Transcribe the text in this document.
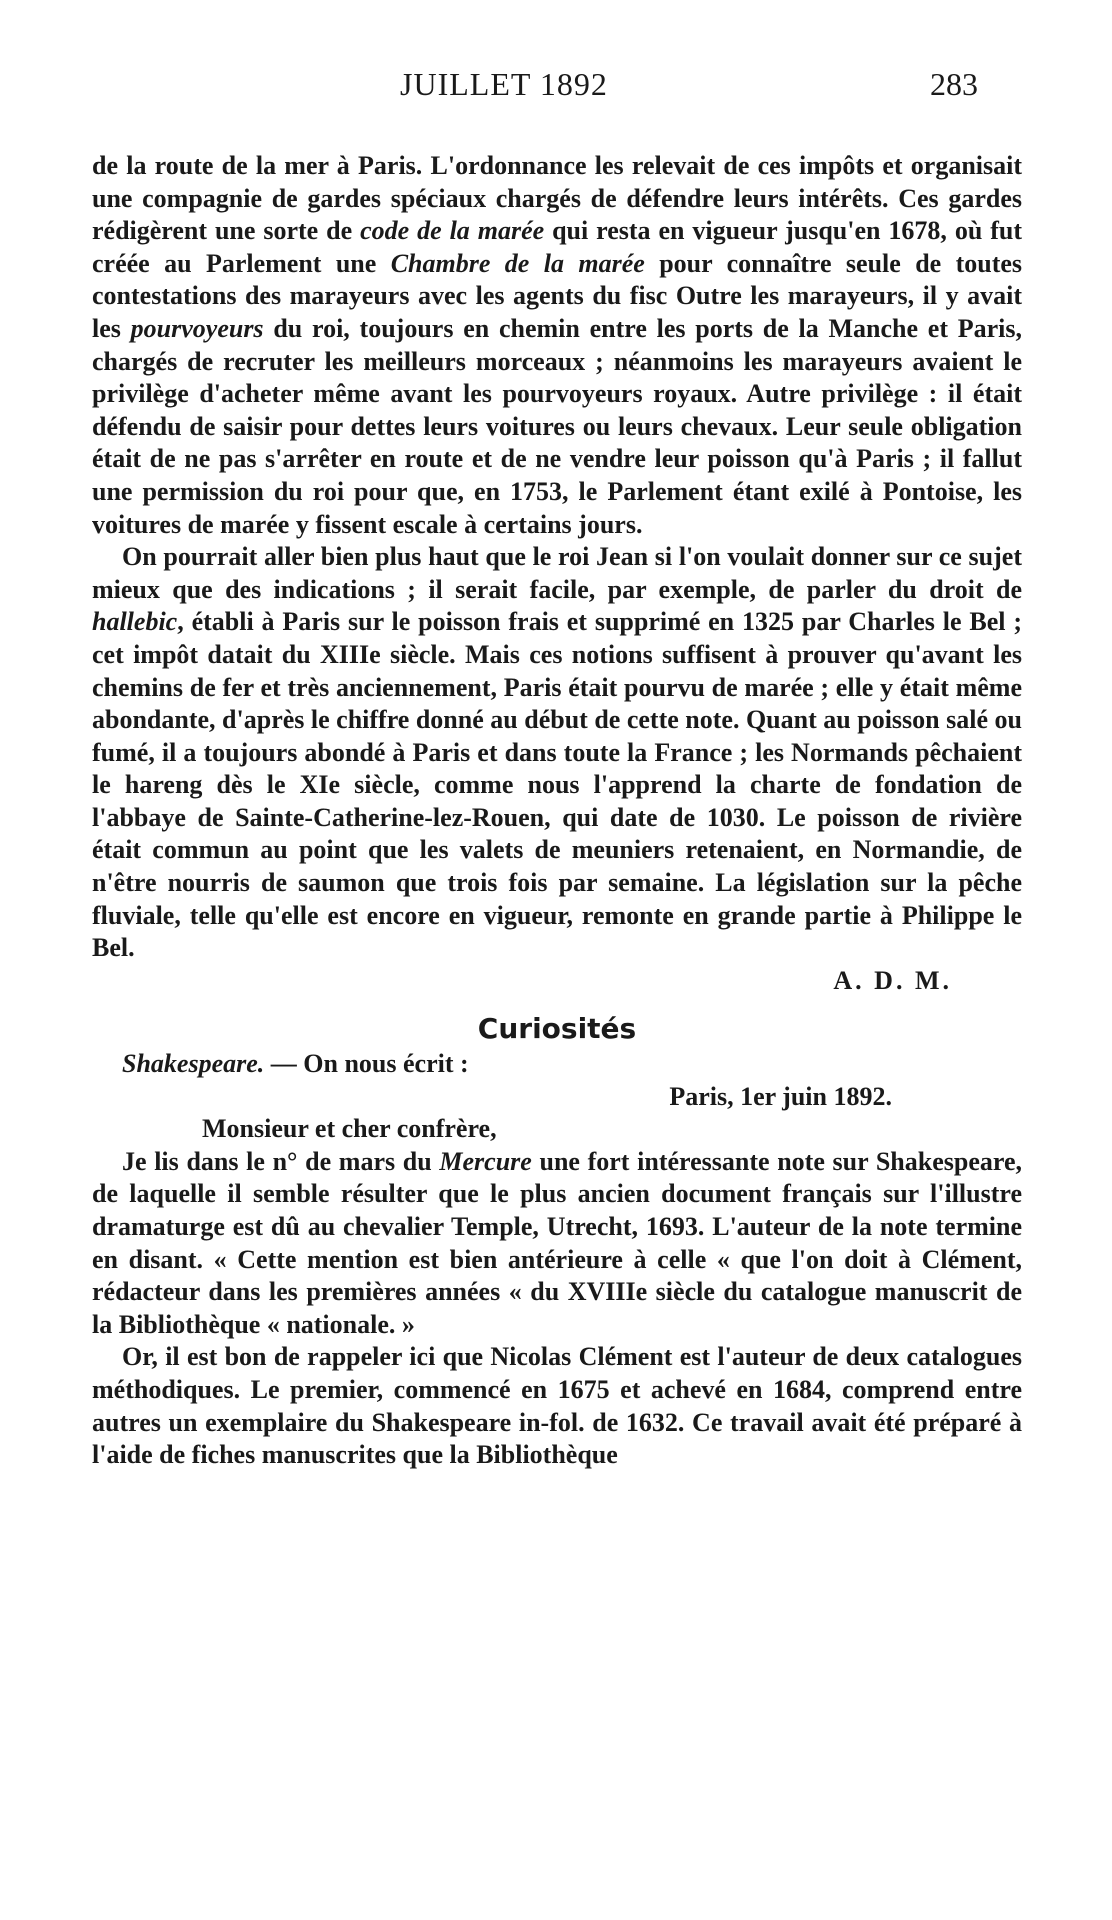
JUILLET 1892	283

de la route de la mer à Paris. L'ordonnance les relevait de ces impôts et organisait une compagnie de gardes spéciaux chargés de défendre leurs intérêts. Ces gardes rédigèrent une sorte de code de la marée qui resta en vigueur jusqu'en 1678, où fut créée au Parlement une Chambre de la marée pour connaître seule de toutes contestations des marayeurs avec les agents du fisc Outre les marayeurs, il y avait les pourvoyeurs du roi, toujours en chemin entre les ports de la Manche et Paris, chargés de recruter les meilleurs morceaux ; néanmoins les marayeurs avaient le privilège d'acheter même avant les pourvoyeurs royaux. Autre privilège : il était défendu de saisir pour dettes leurs voitures ou leurs chevaux. Leur seule obligation était de ne pas s'arrêter en route et de ne vendre leur poisson qu'à Paris ; il fallut une permission du roi pour que, en 1753, le Parlement étant exilé à Pontoise, les voitures de marée y fissent escale à certains jours.

On pourrait aller bien plus haut que le roi Jean si l'on voulait donner sur ce sujet mieux que des indications ; il serait facile, par exemple, de parler du droit de hallebic, établi à Paris sur le poisson frais et supprimé en 1325 par Charles le Bel ; cet impôt datait du XIIIe siècle. Mais ces notions suffisent à prouver qu'avant les chemins de fer et très anciennement, Paris était pourvu de marée ; elle y était même abondante, d'après le chiffre donné au début de cette note. Quant au poisson salé ou fumé, il a toujours abondé à Paris et dans toute la France ; les Normands pêchaient le hareng dès le XIe siècle, comme nous l'apprend la charte de fondation de l'abbaye de Sainte-Catherine-lez-Rouen, qui date de 1030. Le poisson de rivière était commun au point que les valets de meuniers retenaient, en Normandie, de n'être nourris de saumon que trois fois par semaine. La législation sur la pêche fluviale, telle qu'elle est encore en vigueur, remonte en grande partie à Philippe le Bel.

A. D. M.

Curiosités

Shakespeare. — On nous écrit :

Paris, 1er juin 1892.

Monsieur et cher confrère,

Je lis dans le n° de mars du Mercure une fort intéressante note sur Shakespeare, de laquelle il semble résulter que le plus ancien document français sur l'illustre dramaturge est dû au chevalier Temple, Utrecht, 1693. L'auteur de la note termine en disant. « Cette mention est bien antérieure à celle « que l'on doit à Clément, rédacteur dans les premières années « du XVIIIe siècle du catalogue manuscrit de la Bibliothèque « nationale. »

Or, il est bon de rappeler ici que Nicolas Clément est l'auteur de deux catalogues méthodiques. Le premier, commencé en 1675 et achevé en 1684, comprend entre autres un exemplaire du Shakespeare in-fol. de 1632. Ce travail avait été préparé à l'aide de fiches manuscrites que la Bibliothèque
